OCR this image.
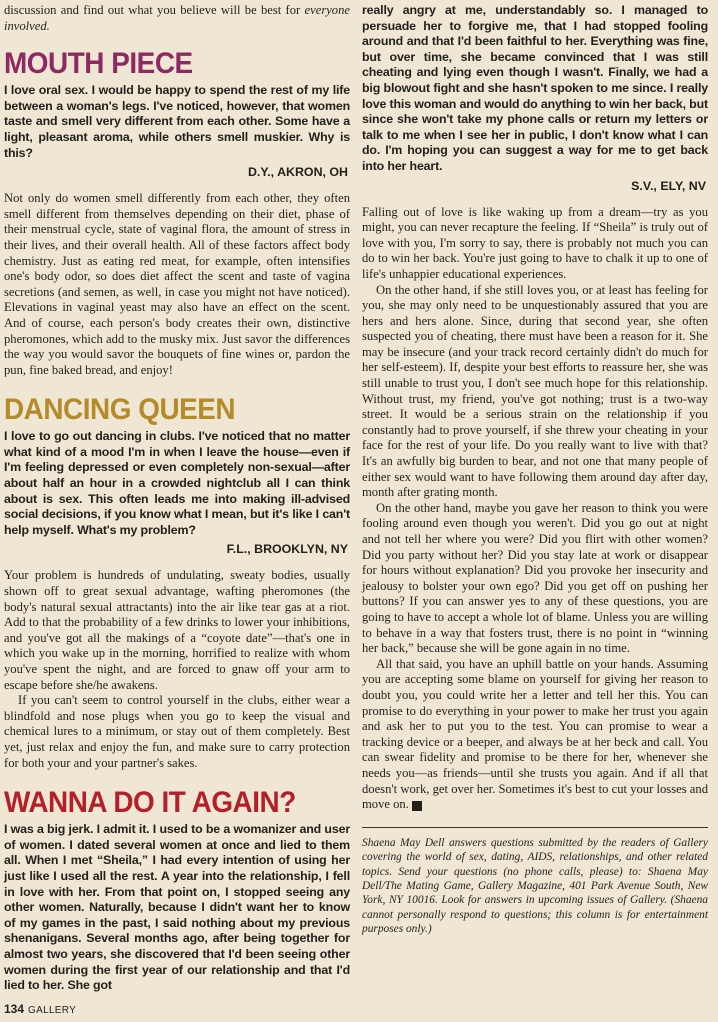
discussion and find out what you believe will be best for everyone involved.

MOUTH PIECE

I love oral sex. I would be happy to spend the rest of my life between a woman's legs. I've noticed, however, that women taste and smell very different from each other. Some have a light, pleasant aroma, while others smell muskier. Why is this?

D.Y., AKRON, OH

Not only do women smell differently from each other, they often smell different from themselves depending on their diet, phase of their menstrual cycle, state of vaginal flora, the amount of stress in their lives, and their overall health. All of these factors affect body chemistry. Just as eating red meat, for example, often intensifies one's body odor, so does diet affect the scent and taste of vagina secretions (and semen, as well, in case you might not have noticed). Elevations in vaginal yeast may also have an effect on the scent. And of course, each person's body creates their own, distinctive pheromones, which add to the musky mix. Just savor the differences the way you would savor the bouquets of fine wines or, pardon the pun, fine baked bread, and enjoy!

DANCING QUEEN

I love to go out dancing in clubs. I've noticed that no matter what kind of a mood I'm in when I leave the house—even if I'm feeling depressed or even completely non-sexual—after about half an hour in a crowded nightclub all I can think about is sex. This often leads me into making ill-advised social decisions, if you know what I mean, but it's like I can't help myself. What's my problem?

F.L., BROOKLYN, NY

Your problem is hundreds of undulating, sweaty bodies, usually shown off to great sexual advantage, wafting pheromones (the body's natural sexual attractants) into the air like tear gas at a riot. Add to that the probability of a few drinks to lower your inhibitions, and you've got all the makings of a “coyote date”—that's one in which you wake up in the morning, horrified to realize with whom you've spent the night, and are forced to gnaw off your arm to escape before she/he awakens.

If you can't seem to control yourself in the clubs, either wear a blindfold and nose plugs when you go to keep the visual and chemical lures to a minimum, or stay out of them completely. Best yet, just relax and enjoy the fun, and make sure to carry protection for both your and your partner's sakes.

WANNA DO IT AGAIN?

I was a big jerk. I admit it. I used to be a womanizer and user of women. I dated several women at once and lied to them all. When I met “Sheila,” I had every intention of using her just like I used all the rest. A year into the relationship, I fell in love with her. From that point on, I stopped seeing any other women. Naturally, because I didn't want her to know of my games in the past, I said nothing about my previous shenanigans. Several months ago, after being together for almost two years, she discovered that I'd been seeing other women during the first year of our relationship and that I'd lied to her. She got

really angry at me, understandably so. I managed to persuade her to forgive me, that I had stopped fooling around and that I'd been faithful to her. Everything was fine, but over time, she became convinced that I was still cheating and lying even though I wasn't. Finally, we had a big blowout fight and she hasn't spoken to me since. I really love this woman and would do anything to win her back, but since she won't take my phone calls or return my letters or talk to me when I see her in public, I don't know what I can do. I'm hoping you can suggest a way for me to get back into her heart.

S.V., ELY, NV

Falling out of love is like waking up from a dream—try as you might, you can never recapture the feeling. If “Sheila” is truly out of love with you, I'm sorry to say, there is probably not much you can do to win her back. You're just going to have to chalk it up to one of life's unhappier educational experiences.

On the other hand, if she still loves you, or at least has feeling for you, she may only need to be unquestionably assured that you are hers and hers alone. Since, during that second year, she often suspected you of cheating, there must have been a reason for it. She may be insecure (and your track record certainly didn't do much for her self-esteem). If, despite your best efforts to reassure her, she was still unable to trust you, I don't see much hope for this relationship. Without trust, my friend, you've got nothing; trust is a two-way street. It would be a serious strain on the relationship if you constantly had to prove yourself, if she threw your cheating in your face for the rest of your life. Do you really want to live with that? It's an awfully big burden to bear, and not one that many people of either sex would want to have following them around day after day, month after grating month.

On the other hand, maybe you gave her reason to think you were fooling around even though you weren't. Did you go out at night and not tell her where you were? Did you flirt with other women? Did you party without her? Did you stay late at work or disappear for hours without explanation? Did you provoke her insecurity and jealousy to bolster your own ego? Did you get off on pushing her buttons? If you can answer yes to any of these questions, you are going to have to accept a whole lot of blame. Unless you are willing to behave in a way that fosters trust, there is no point in “winning her back,” because she will be gone again in no time.

All that said, you have an uphill battle on your hands. Assuming you are accepting some blame on yourself for giving her reason to doubt you, you could write her a letter and tell her this. You can promise to do everything in your power to make her trust you again and ask her to put you to the test. You can promise to wear a tracking device or a beeper, and always be at her beck and call. You can swear fidelity and promise to be there for her, whenever she needs you—as friends—until she trusts you again. And if all that doesn't work, get over her. Sometimes it's best to cut your losses and move on. G

Shaena May Dell answers questions submitted by the readers of Gallery covering the world of sex, dating, AIDS, relationships, and other related topics. Send your questions (no phone calls, please) to: Shaena May Dell/The Mating Game, Gallery Magazine, 401 Park Avenue South, New York, NY 10016. Look for answers in upcoming issues of Gallery. (Shaena cannot personally respond to questions; this column is for entertainment purposes only.)

134 GALLERY
